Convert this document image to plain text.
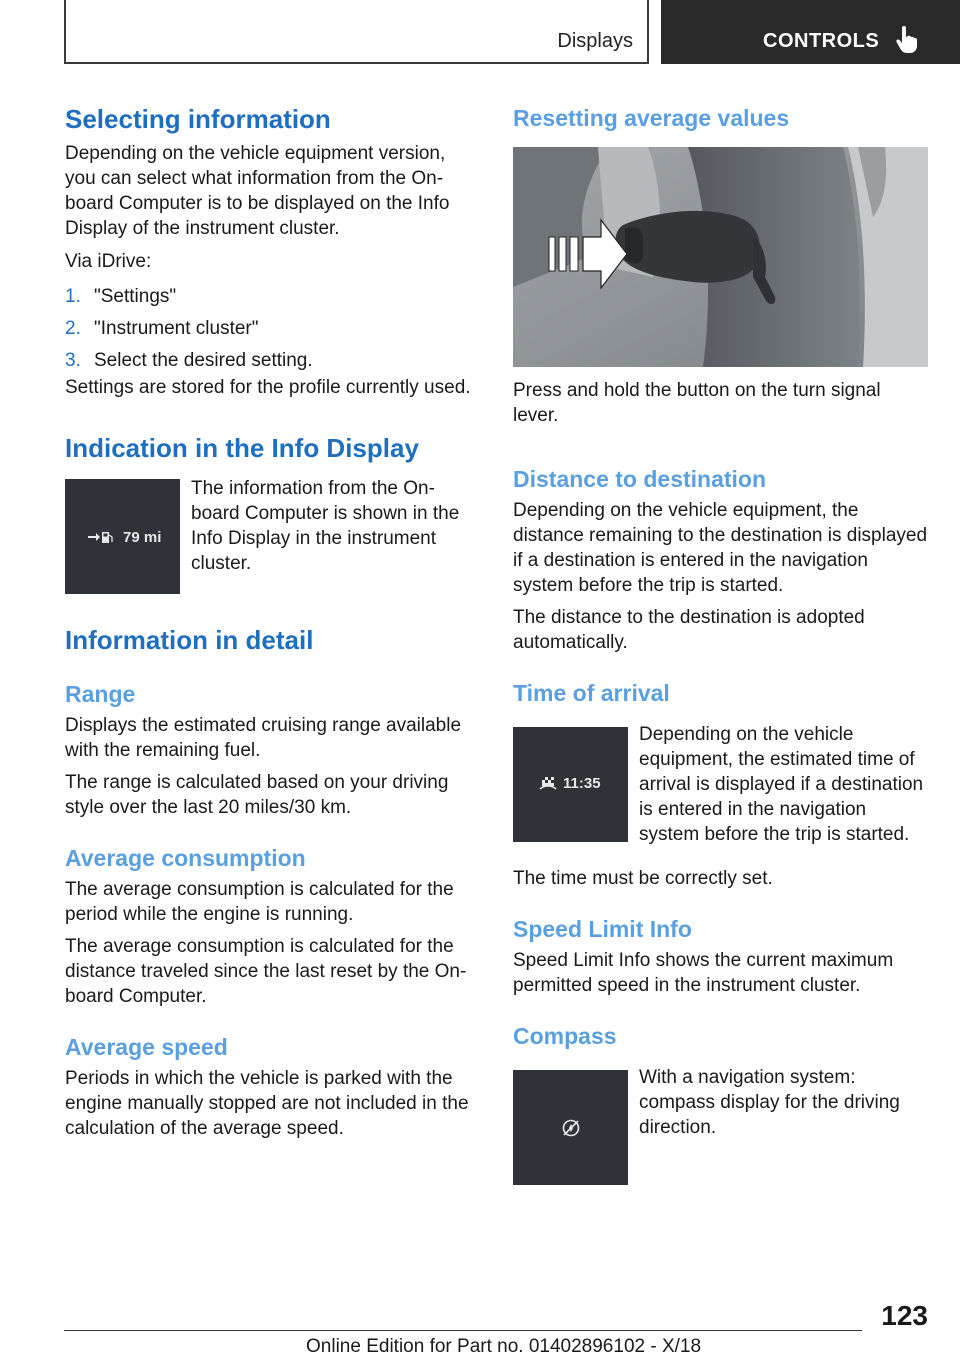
Displays	CONTROLS
Selecting information

Depending on the vehicle equipment version, you can select what information from the On-board Computer is to be displayed on the Info Display of the instrument cluster.

Via iDrive:

1. "Settings"
2. "Instrument cluster"
3. Select the desired setting.

Settings are stored for the profile currently used.

Indication in the Info Display
79 mi

The information from the On-board Computer is shown in the Info Display in the instrument cluster.

Information in detail
Range

Displays the estimated cruising range available with the remaining fuel.

The range is calculated based on your driving style over the last 20 miles/30 km.

Average consumption

The average consumption is calculated for the period while the engine is running.

The average consumption is calculated for the distance traveled since the last reset by the On-board Computer.

Average speed

Periods in which the vehicle is parked with the engine manually stopped are not included in the calculation of the average speed.

Resetting average values

Press and hold the button on the turn signal lever.

Distance to destination

Depending on the vehicle equipment, the distance remaining to the destination is displayed if a destination is entered in the navigation system before the trip is started.

The distance to the destination is adopted automatically.

Time of arrival
11:35

Depending on the vehicle equipment, the estimated time of arrival is displayed if a destination is entered in the navigation system before the trip is started.

The time must be correctly set.

Speed Limit Info

Speed Limit Info shows the current maximum permitted speed in the instrument cluster.

Compass

With a navigation system: compass display for the driving direction.

123
Online Edition for Part no. 01402896102 - X/18
